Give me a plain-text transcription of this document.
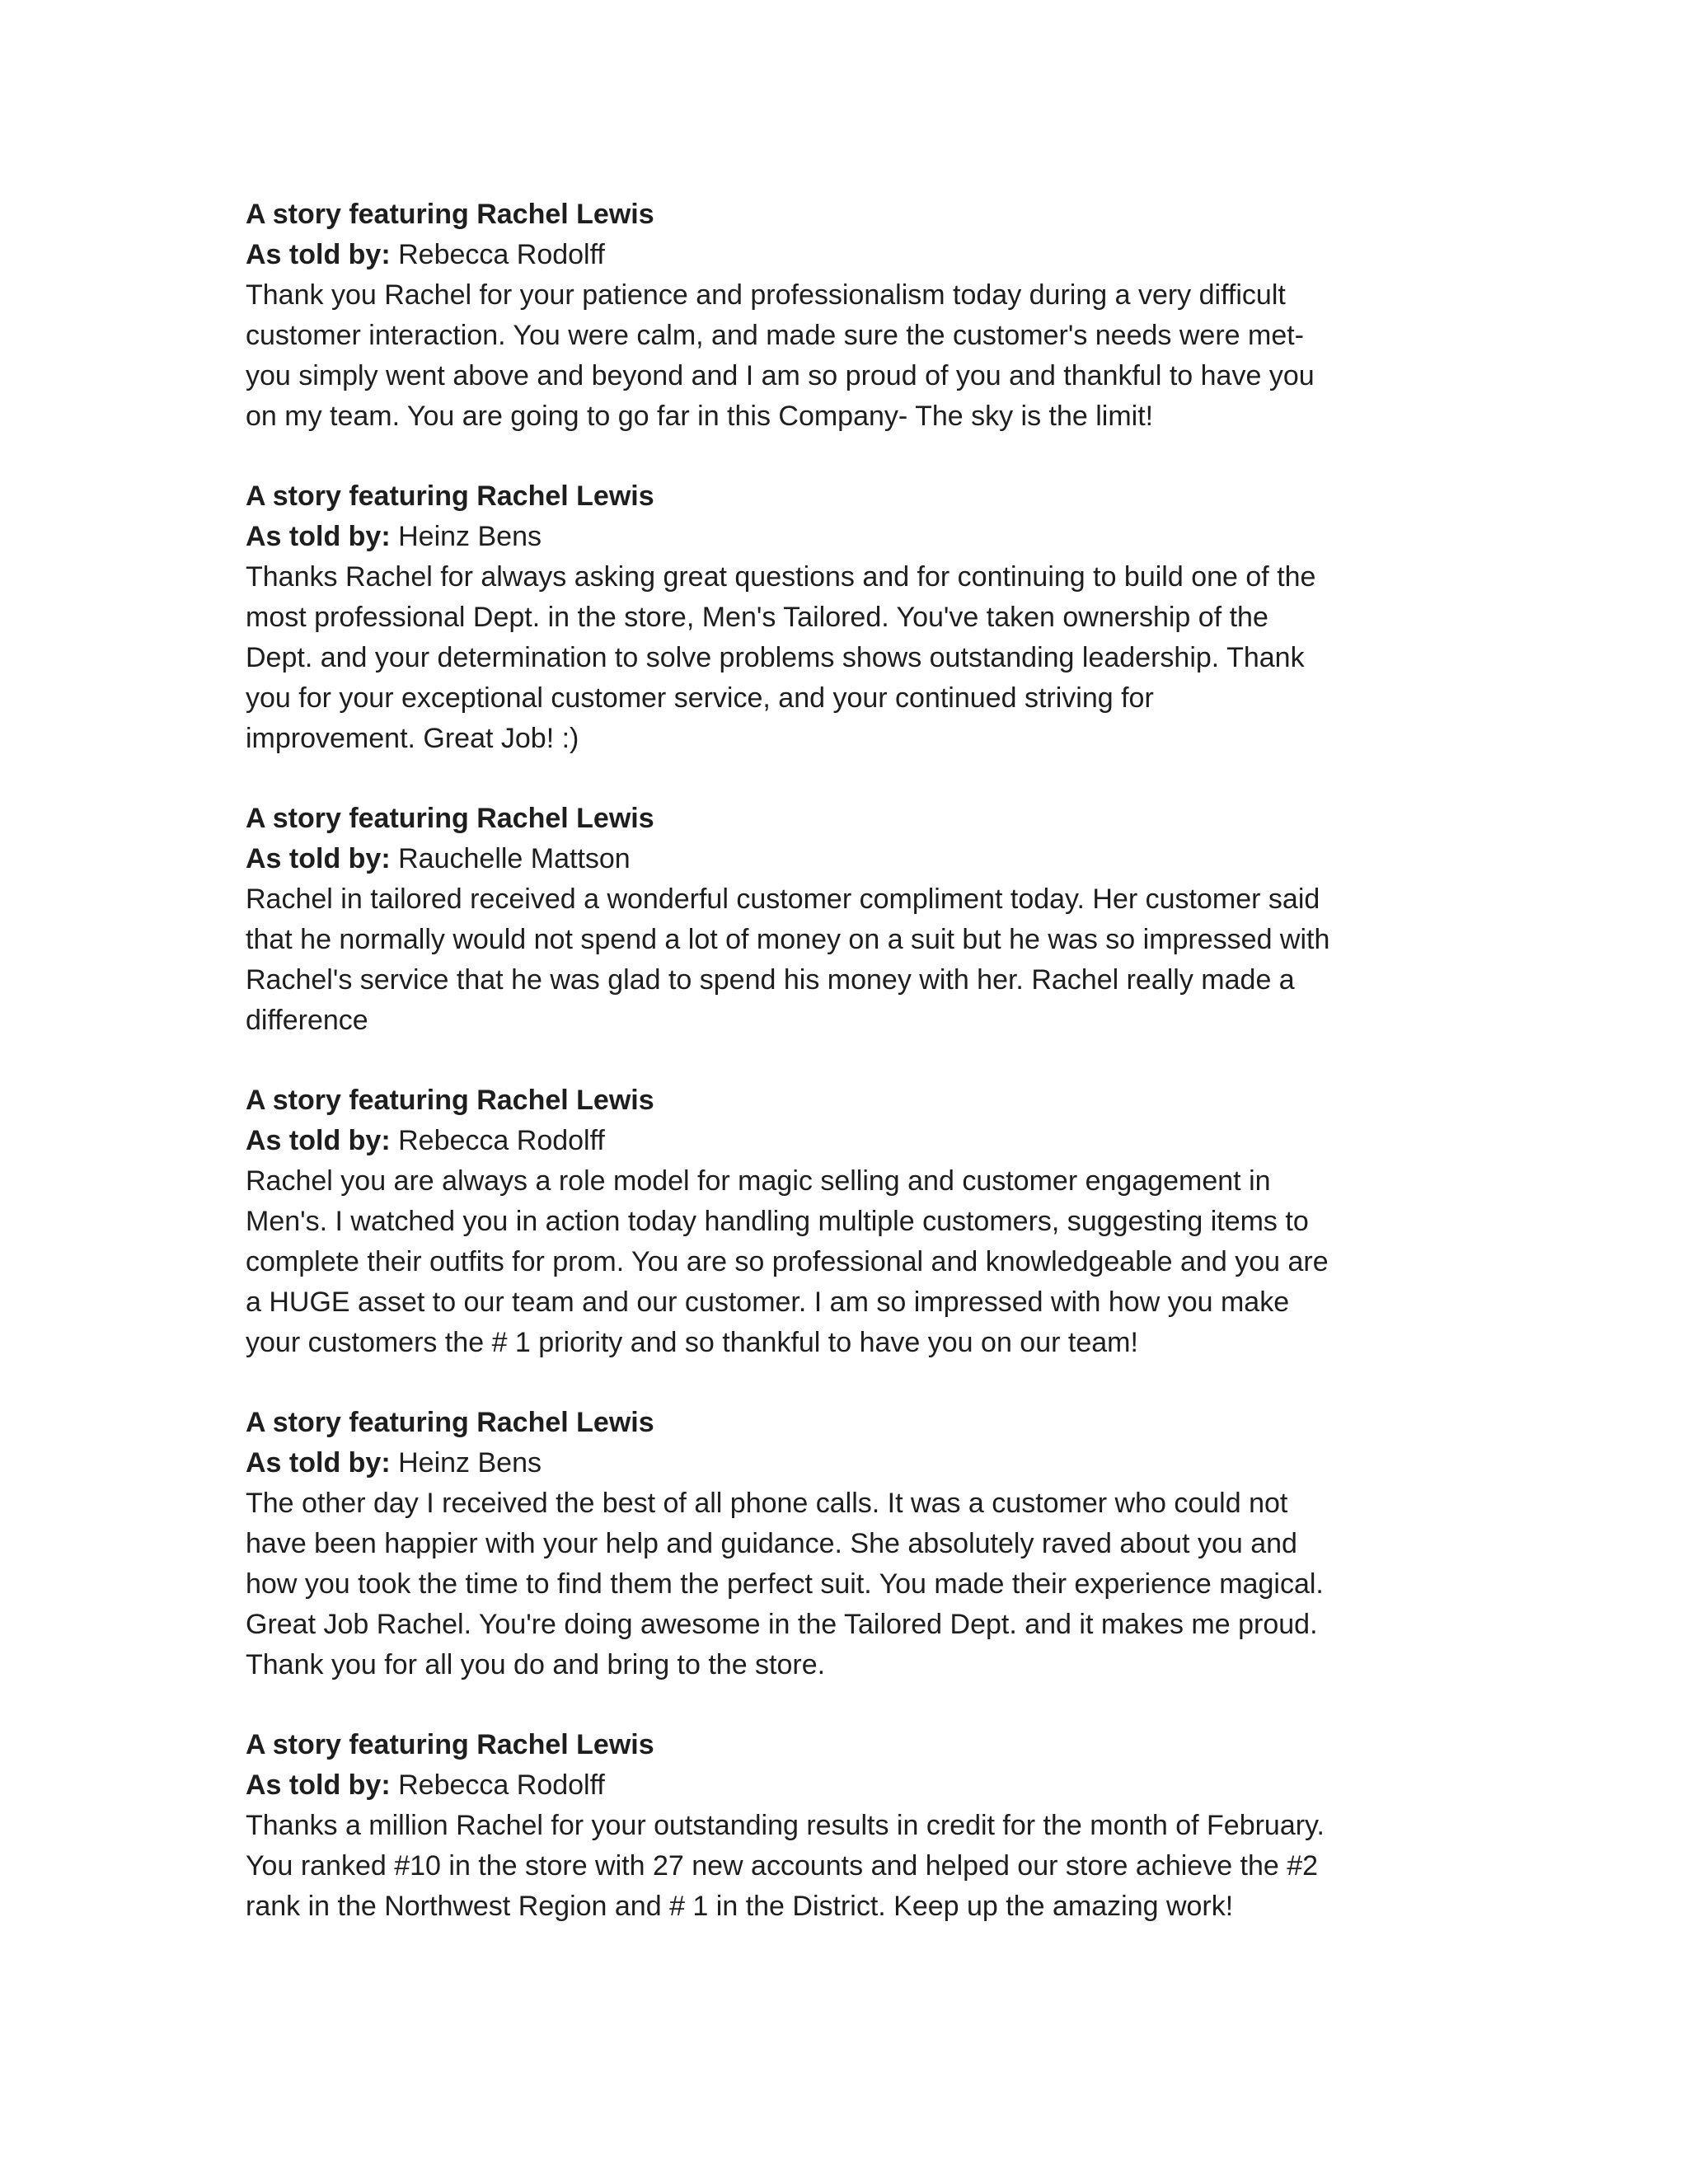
A story featuring Rachel Lewis

As told by: Rebecca Rodolff

Thank you Rachel for your patience and professionalism today during a very difficult
customer interaction. You were calm, and made sure the customer's needs were met-
you simply went above and beyond and I am so proud of you and thankful to have you
on my team. You are going to go far in this Company- The sky is the limit!

A story featuring Rachel Lewis

As told by: Heinz Bens

Thanks Rachel for always asking great questions and for continuing to build one of the
most professional Dept. in the store, Men's Tailored. You've taken ownership of the
Dept. and your determination to solve problems shows outstanding leadership. Thank
you for your exceptional customer service, and your continued striving for
improvement. Great Job! :)

A story featuring Rachel Lewis

As told by: Rauchelle Mattson

Rachel in tailored received a wonderful customer compliment today. Her customer said
that he normally would not spend a lot of money on a suit but he was so impressed with
Rachel's service that he was glad to spend his money with her. Rachel really made a
difference

A story featuring Rachel Lewis

As told by: Rebecca Rodolff

Rachel you are always a role model for magic selling and customer engagement in
Men's. I watched you in action today handling multiple customers, suggesting items to
complete their outfits for prom. You are so professional and knowledgeable and you are
a HUGE asset to our team and our customer. I am so impressed with how you make
your customers the # 1 priority and so thankful to have you on our team!

A story featuring Rachel Lewis

As told by: Heinz Bens

The other day I received the best of all phone calls. It was a customer who could not
have been happier with your help and guidance. She absolutely raved about you and
how you took the time to find them the perfect suit. You made their experience magical.
Great Job Rachel. You're doing awesome in the Tailored Dept. and it makes me proud.
Thank you for all you do and bring to the store.

A story featuring Rachel Lewis

As told by: Rebecca Rodolff

Thanks a million Rachel for your outstanding results in credit for the month of February.
You ranked #10 in the store with 27 new accounts and helped our store achieve the #2
rank in the Northwest Region and # 1 in the District. Keep up the amazing work!
